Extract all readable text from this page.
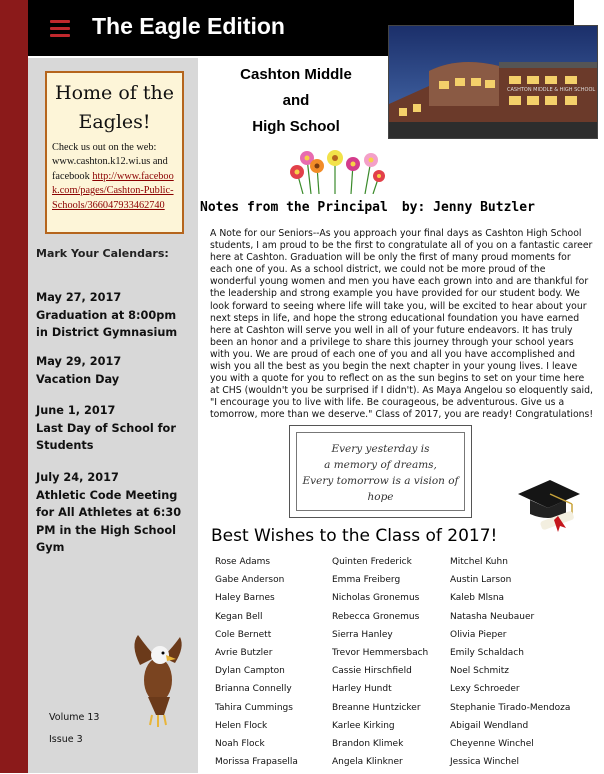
The Eagle Edition
CASHTON MIDDLE & HIGH SCHOOL
Cashton Middle
and
High School
Notes from the Principal by: Jenny Butzler
A Note for our Seniors--As you approach your final days as Cashton High School students, I am proud to be the first to congratulate all of you on a fantastic career here at Cashton. Graduation will be only the first of many proud moments for each one of you. As a school district, we could not be more proud of the wonderful young women and men you have each grown into and are thankful for the leadership and strong example you have provided for our student body. We look forward to seeing where life will take you, will be excited to hear about your next steps in life, and hope the strong educational foundation you have earned here at Cashton will serve you well in all of your future endeavors. It has truly been an honor and a privilege to share this journey through your school years with you. We are proud of each one of you and all you have accomplished and wish you all the best as you begin the next chapter in your young lives. I leave you with a quote for you to reflect on as the sun begins to set on your time here at CHS (wouldn't you be surprised if I didn't). As Maya Angelou so eloquently said, "I encourage you to live with life. Be courageous, be adventurous. Give us a tomorrow, more than we deserve." Class of 2017, you are ready! Congratulations!
Every yesterday is
a memory of dreams,
Every tomorrow is a vision of hope
Best Wishes to the Class of 2017!
Rose Adams
Gabe Anderson
Haley Barnes
Kegan Bell
Cole Bernett
Avrie Butzler
Dylan Campton
Brianna Connelly
Tahira Cummings
Helen Flock
Noah Flock
Morissa Frapasella
Quinten Frederick
Emma Freiberg
Nicholas Gronemus
Rebecca Gronemus
Sierra Hanley
Trevor Hemmersbach
Cassie Hirschfield
Harley Hundt
Breanne Huntzicker
Karlee Kirking
Brandon Klimek
Angela Klinkner
Mitchel Kuhn
Austin Larson
Kaleb Mlsna
Natasha Neubauer
Olivia Pieper
Emily Schaldach
Noel Schmitz
Lexy Schroeder
Stephanie Tirado-Mendoza
Abigail Wendland
Cheyenne Winchel
Jessica Winchel
Home of the Eagles!
Check us out on the web: www.cashton.k12.wi.us and facebook http://www.facebook.com/pages/Cashton-Public-Schools/366047933462740
Mark Your Calendars:
May 27, 2017
Graduation at 8:00pm in District Gymnasium
May 29, 2017
Vacation Day
June 1, 2017
Last Day of School for Students
July 24, 2017
Athletic Code Meeting for All Athletes at 6:30 PM in the High School Gym
Volume 13
Issue 3
